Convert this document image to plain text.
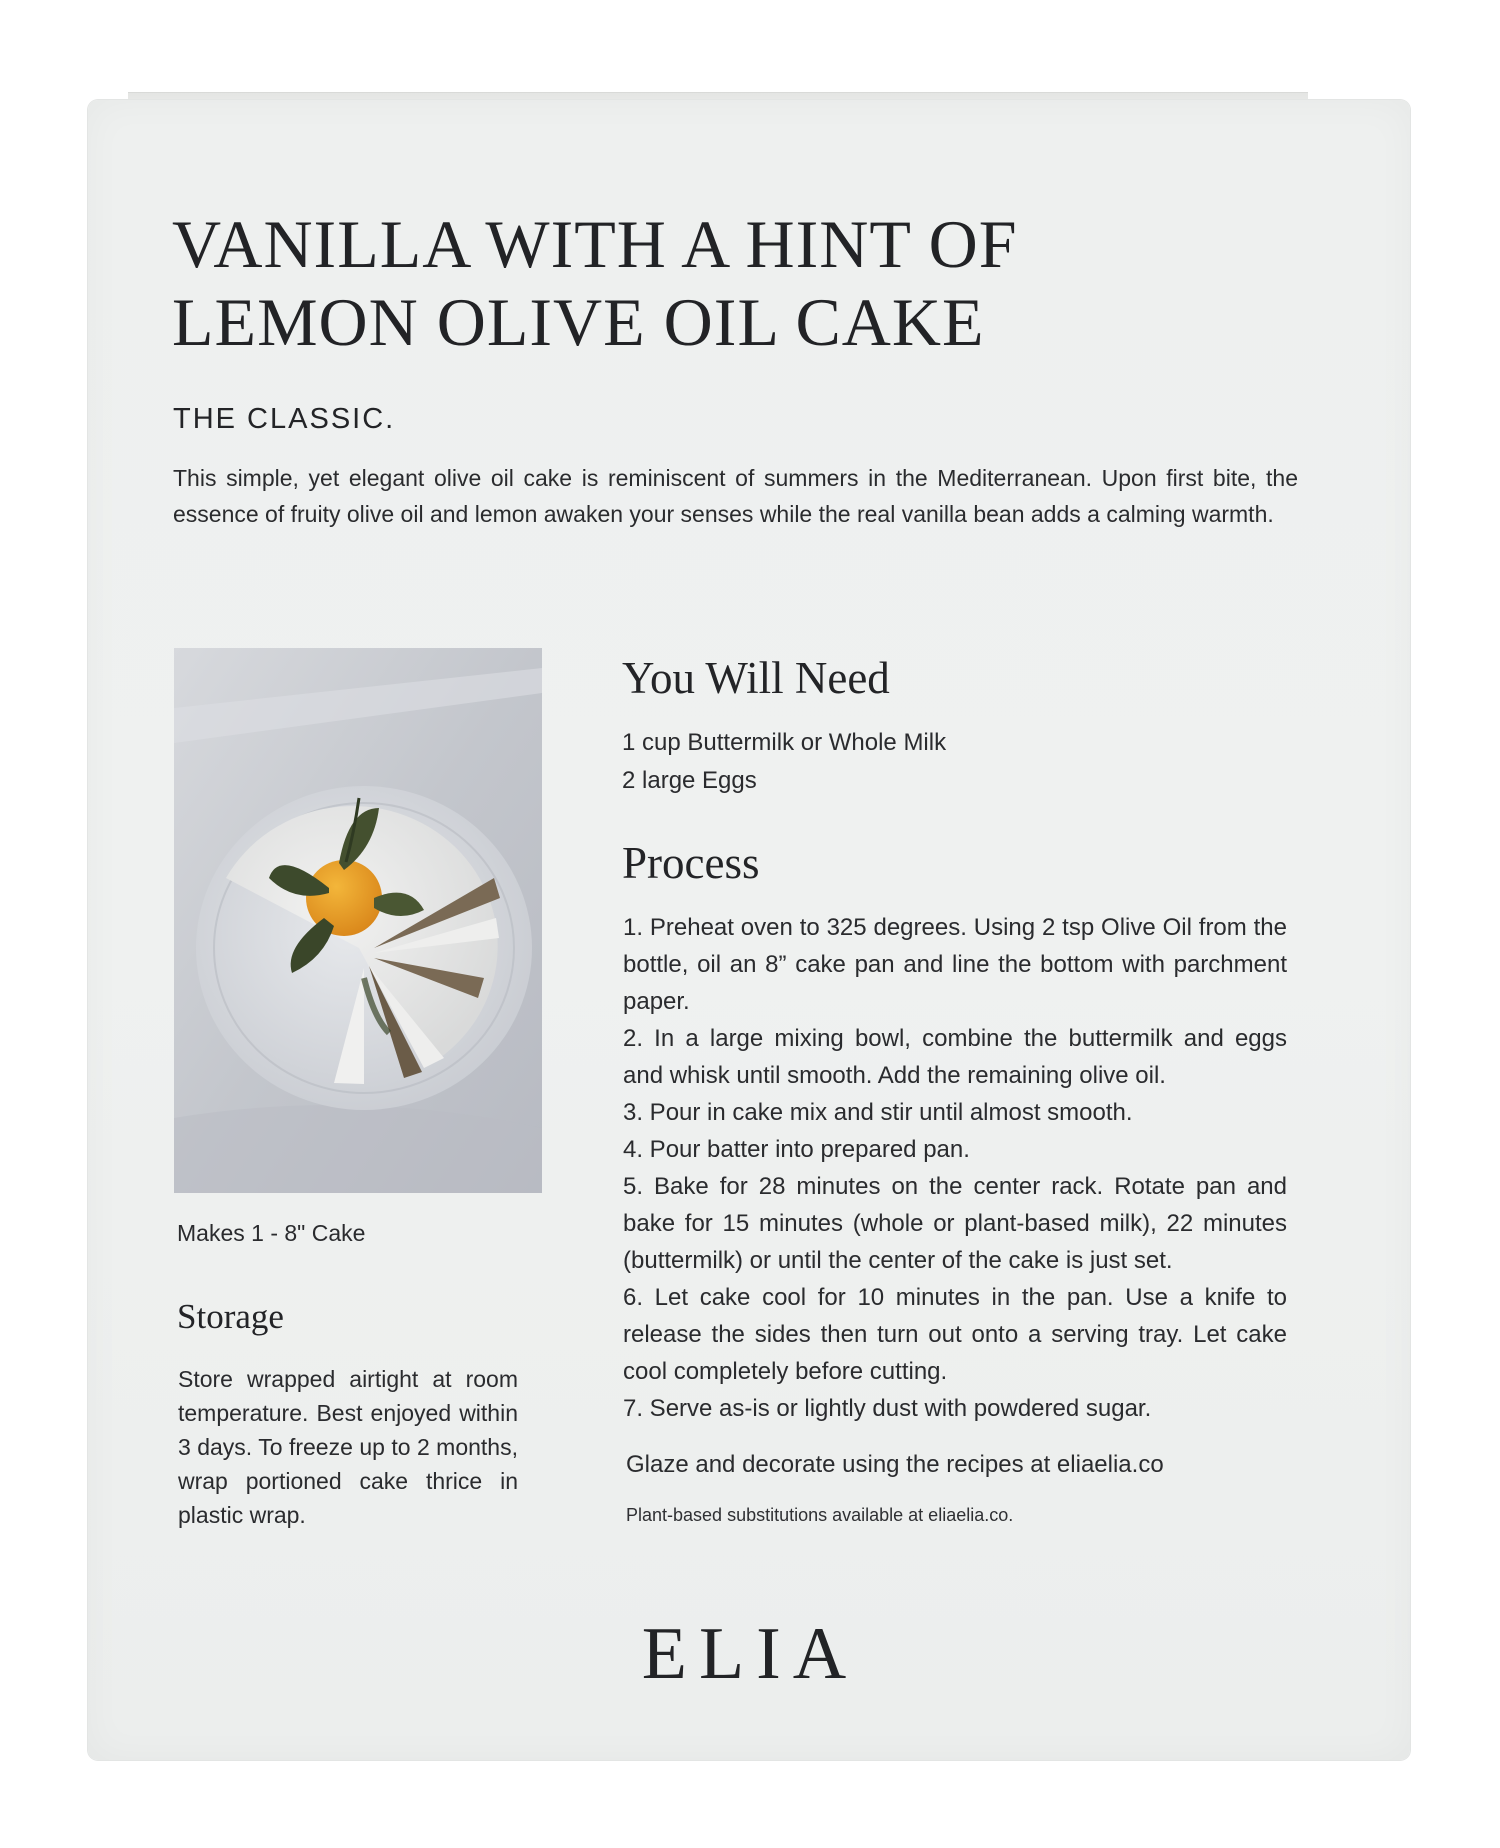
VANILLA WITH A HINT OF
LEMON OLIVE OIL CAKE
THE CLASSIC.

This simple, yet elegant olive oil cake is reminiscent of summers in the Mediterranean. Upon first bite, the essence of fruity olive oil and lemon awaken your senses while the real vanilla bean adds a calming warmth.

Makes 1 - 8" Cake
Storage

Store wrapped airtight at room temperature. Best enjoyed within 3 days. To freeze up to 2 months, wrap portioned cake thrice in plastic wrap.

You Will Need
1 cup Buttermilk or Whole Milk
2 large Eggs
Process
1. Preheat oven to 325 degrees. Using 2 tsp Olive Oil from the bottle, oil an 8” cake pan and line the bottom with parchment paper.
2. In a large mixing bowl, combine the buttermilk and eggs and whisk until smooth. Add the remaining olive oil.
3. Pour in cake mix and stir until almost smooth.
4. Pour batter into prepared pan.
5. Bake for 28 minutes on the center rack. Rotate pan and bake for 15 minutes (whole or plant-based milk), 22 minutes (buttermilk) or until the center of the cake is just set.
6. Let cake cool for 10 minutes in the pan. Use a knife to release the sides then turn out onto a serving tray. Let cake cool completely before cutting.
7. Serve as-is or lightly dust with powdered sugar.
Glaze and decorate using the recipes at eliaelia.co
Plant-based substitutions available at eliaelia.co.
ELIA
